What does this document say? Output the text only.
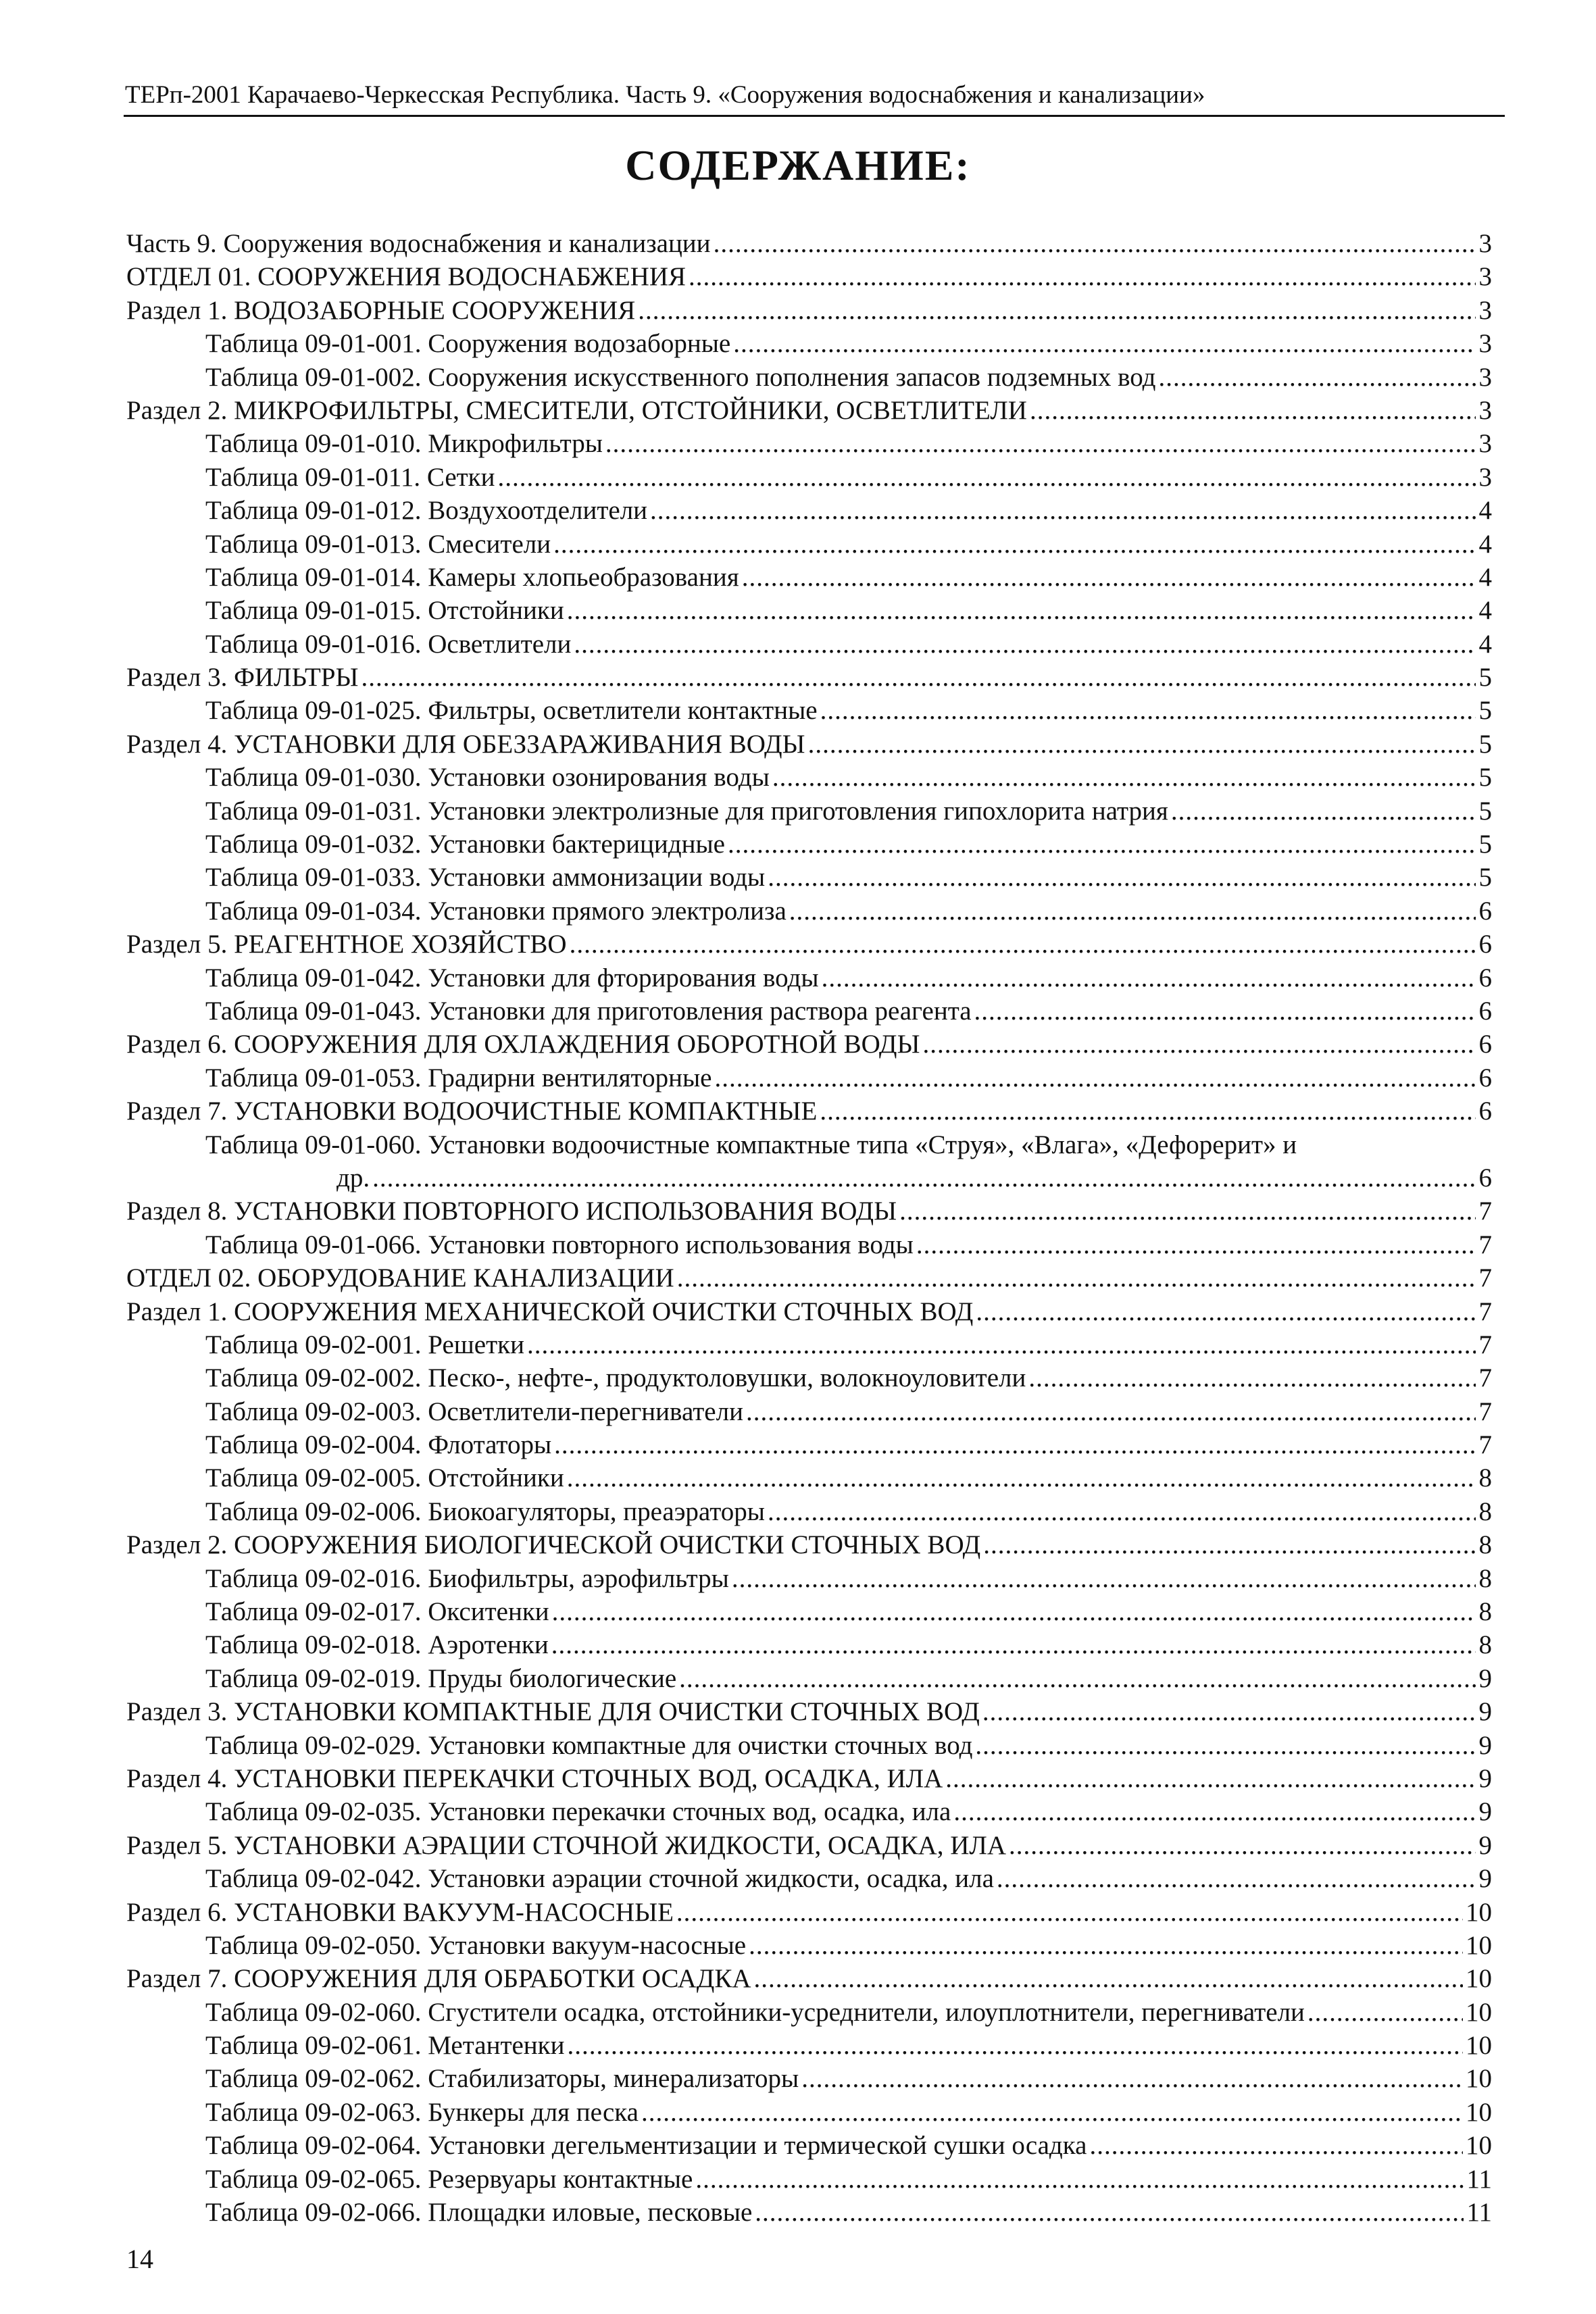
ТЕРп-2001 Карачаево-Черкесская Республика. Часть 9. «Сооружения водоснабжения и канализации»
СОДЕРЖАНИЕ:
Часть 9. Сооружения водоснабжения и канализации .....	3
ОТДЕЛ 01. СООРУЖЕНИЯ ВОДОСНАБЖЕНИЯ .....	3
Раздел 1. ВОДОЗАБОРНЫЕ СООРУЖЕНИЯ .....	3
Таблица 09-01-001. Сооружения водозаборные .....	3
Таблица 09-01-002. Сооружения искусственного пополнения запасов подземных вод .....	3
Раздел 2. МИКРОФИЛЬТРЫ, СМЕСИТЕЛИ, ОТСТОЙНИКИ, ОСВЕТЛИТЕЛИ .....	3
Таблица 09-01-010. Микрофильтры .....	3
Таблица 09-01-011. Сетки .....	3
Таблица 09-01-012. Воздухоотделители .....	4
Таблица 09-01-013. Смесители .....	4
Таблица 09-01-014. Камеры хлопьеобразования .....	4
Таблица 09-01-015. Отстойники .....	4
Таблица 09-01-016. Осветлители .....	4
Раздел 3. ФИЛЬТРЫ .....	5
Таблица 09-01-025. Фильтры, осветлители контактные .....	5
Раздел 4. УСТАНОВКИ ДЛЯ ОБЕЗЗАРАЖИВАНИЯ ВОДЫ .....	5
Таблица 09-01-030. Установки озонирования воды .....	5
Таблица 09-01-031. Установки электролизные для приготовления гипохлорита натрия .....	5
Таблица 09-01-032. Установки бактерицидные .....	5
Таблица 09-01-033. Установки аммонизации воды .....	5
Таблица 09-01-034. Установки прямого электролиза .....	6
Раздел 5. РЕАГЕНТНОЕ ХОЗЯЙСТВО .....	6
Таблица 09-01-042. Установки для фторирования воды .....	6
Таблица 09-01-043. Установки для приготовления раствора реагента .....	6
Раздел 6. СООРУЖЕНИЯ ДЛЯ ОХЛАЖДЕНИЯ ОБОРОТНОЙ ВОДЫ .....	6
Таблица 09-01-053. Градирни вентиляторные .....	6
Раздел 7. УСТАНОВКИ ВОДООЧИСТНЫЕ КОМПАКТНЫЕ .....	6
Таблица 09-01-060. Установки водоочистные компактные типа «Струя», «Влага», «Дефорерит» и
др. .....	6
Раздел 8. УСТАНОВКИ ПОВТОРНОГО ИСПОЛЬЗОВАНИЯ ВОДЫ .....	7
Таблица 09-01-066. Установки повторного использования воды .....	7
ОТДЕЛ 02. ОБОРУДОВАНИЕ КАНАЛИЗАЦИИ .....	7
Раздел 1. СООРУЖЕНИЯ МЕХАНИЧЕСКОЙ ОЧИСТКИ СТОЧНЫХ ВОД .....	7
Таблица 09-02-001. Решетки .....	7
Таблица 09-02-002. Песко-, нефте-, продуктоловушки, волокноуловители .....	7
Таблица 09-02-003. Осветлители-перегниватели .....	7
Таблица 09-02-004. Флотаторы .....	7
Таблица 09-02-005. Отстойники .....	8
Таблица 09-02-006. Биокоагуляторы, преаэраторы .....	8
Раздел 2. СООРУЖЕНИЯ БИОЛОГИЧЕСКОЙ ОЧИСТКИ СТОЧНЫХ ВОД .....	8
Таблица 09-02-016. Биофильтры, аэрофильтры .....	8
Таблица 09-02-017. Окситенки .....	8
Таблица 09-02-018. Аэротенки .....	8
Таблица 09-02-019. Пруды биологические .....	9
Раздел 3. УСТАНОВКИ КОМПАКТНЫЕ ДЛЯ ОЧИСТКИ СТОЧНЫХ ВОД .....	9
Таблица 09-02-029. Установки компактные для очистки сточных вод .....	9
Раздел 4. УСТАНОВКИ ПЕРЕКАЧКИ СТОЧНЫХ ВОД, ОСАДКА, ИЛА .....	9
Таблица 09-02-035. Установки перекачки сточных вод, осадка, ила .....	9
Раздел 5. УСТАНОВКИ АЭРАЦИИ СТОЧНОЙ ЖИДКОСТИ, ОСАДКА, ИЛА .....	9
Таблица 09-02-042. Установки аэрации сточной жидкости, осадка, ила .....	9
Раздел 6. УСТАНОВКИ ВАКУУМ-НАСОСНЫЕ .....	10
Таблица 09-02-050. Установки вакуум-насосные .....	10
Раздел 7. СООРУЖЕНИЯ ДЛЯ ОБРАБОТКИ ОСАДКА .....	10
Таблица 09-02-060. Сгустители осадка, отстойники-усреднители, илоуплотнители, перегниватели .....	10
Таблица 09-02-061. Метантенки .....	10
Таблица 09-02-062. Стабилизаторы, минерализаторы .....	10
Таблица 09-02-063. Бункеры для песка .....	10
Таблица 09-02-064. Установки дегельментизации и термической сушки осадка .....	10
Таблица 09-02-065. Резервуары контактные .....	11
Таблица 09-02-066. Площадки иловые, песковые .....	11
14
